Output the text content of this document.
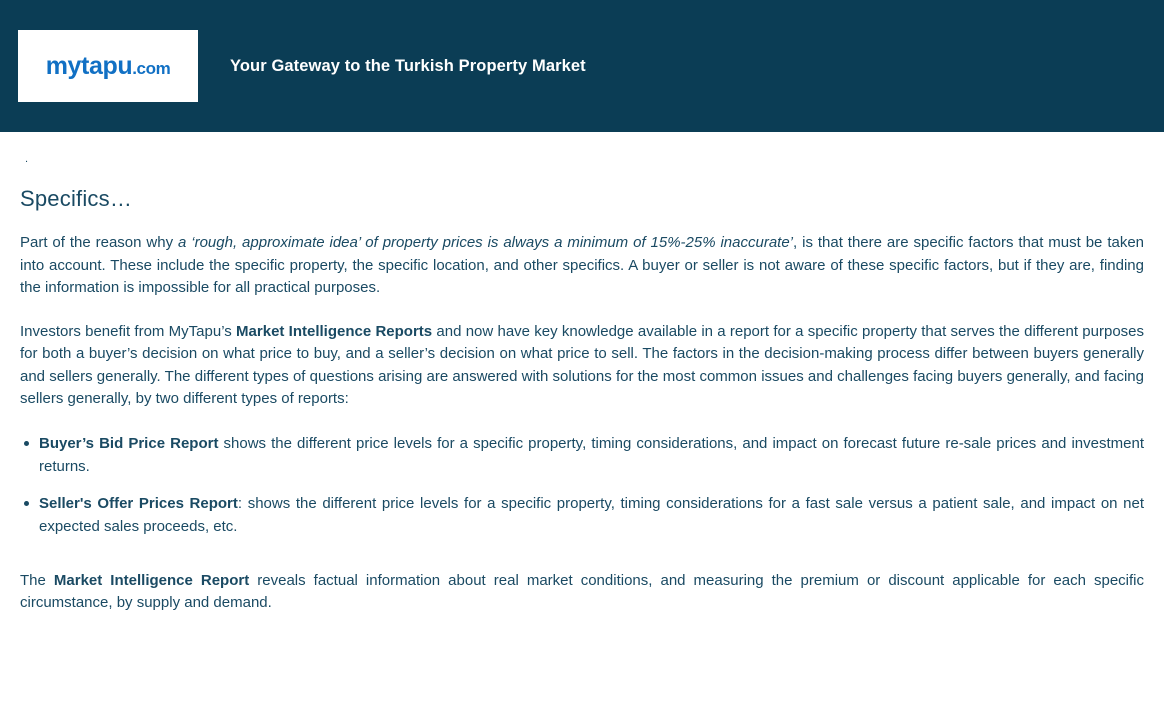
mytapu.com	Your Gateway to the Turkish Property Market
.
Specifics…

Part of the reason why a ‘rough, approximate idea’ of property prices is always a minimum of 15%-25% inaccurate’, is that there are specific factors that must be taken into account. These include the specific property, the specific location, and other specifics. A buyer or seller is not aware of these specific factors, but if they are, finding the information is impossible for all practical purposes.

Investors benefit from MyTapu’s Market Intelligence Reports and now have key knowledge available in a report for a specific property that serves the different purposes for both a buyer’s decision on what price to buy, and a seller’s decision on what price to sell. The factors in the decision-making process differ between buyers generally and sellers generally. The different types of questions arising are answered with solutions for the most common issues and challenges facing buyers generally, and facing sellers generally, by two different types of reports:

Buyer’s Bid Price Report shows the different price levels for a specific property, timing considerations, and impact on forecast future re-sale prices and investment returns.
Seller's Offer Prices Report: shows the different price levels for a specific property, timing considerations for a fast sale versus a patient sale, and impact on net expected sales proceeds, etc.

The Market Intelligence Report reveals factual information about real market conditions, and measuring the premium or discount applicable for each specific circumstance, by supply and demand.
